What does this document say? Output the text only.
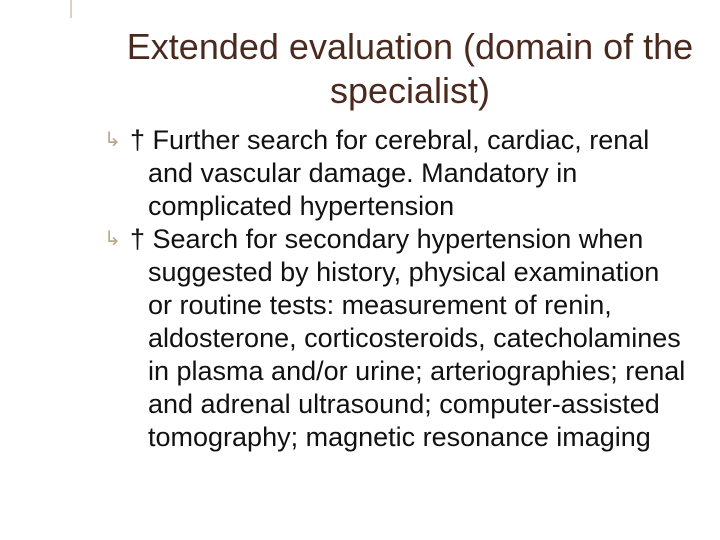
Extended evaluation (domain of the specialist)

↳ † Further search for cerebral, cardiac, renal and vascular damage. Mandatory in complicated hypertension

↳ † Search for secondary hypertension when suggested by history, physical examination or routine tests: measurement of renin, aldosterone, corticosteroids, catecholamines in plasma and/or urine; arteriographies; renal and adrenal ultrasound; computer-assisted tomography; magnetic resonance imaging
